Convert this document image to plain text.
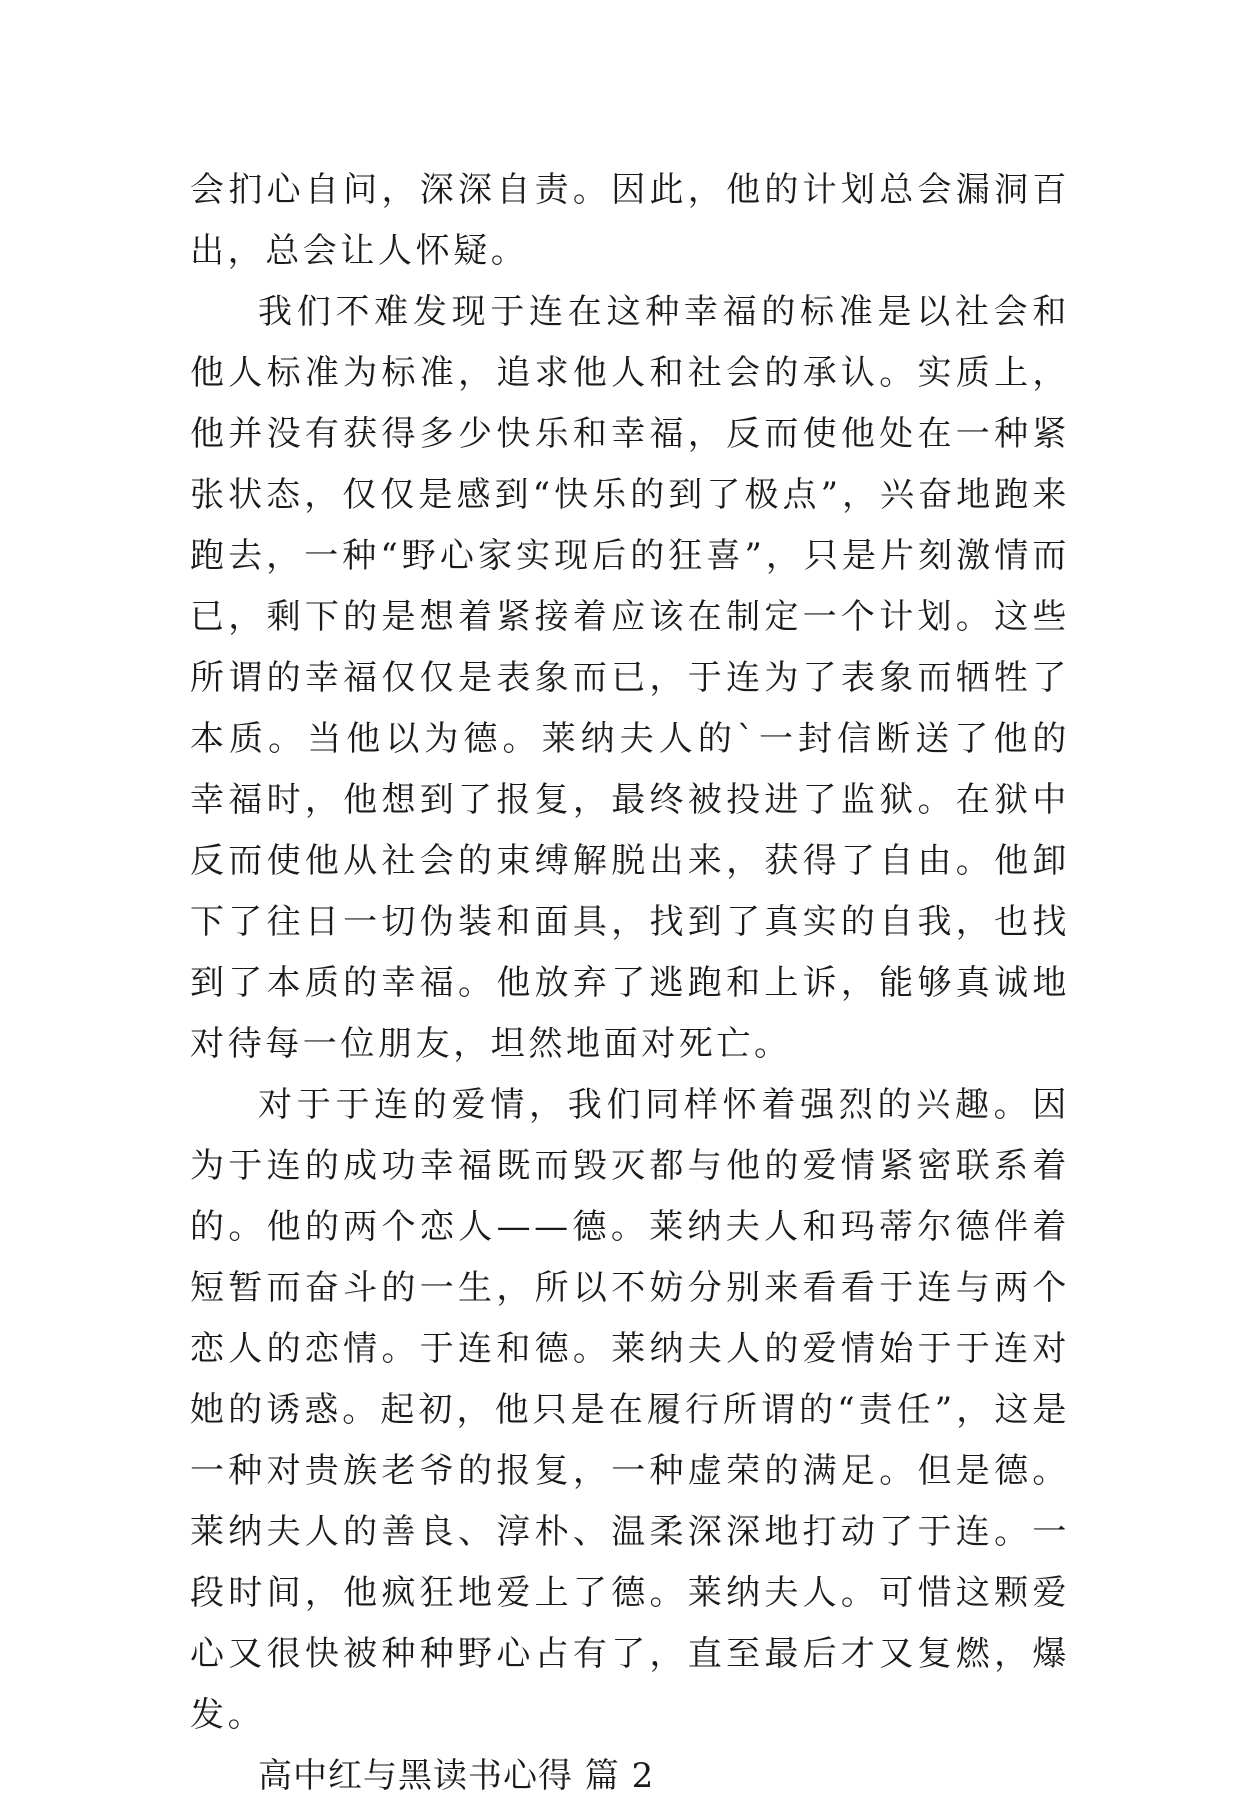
会扪心自问，深深自责。因此，他的计划总会漏洞百出，总会让人怀疑。

我们不难发现于连在这种幸福的标准是以社会和他人标准为标准，追求他人和社会的承认。实质上，他并没有获得多少快乐和幸福，反而使他处在一种紧张状态，仅仅是感到“快乐的到了极点”，兴奋地跑来跑去，一种“野心家实现后的狂喜”，只是片刻激情而已，剩下的是想着紧接着应该在制定一个计划。这些所谓的幸福仅仅是表象而已，于连为了表象而牺牲了本质。当他以为德。莱纳夫人的`一封信断送了他的幸福时，他想到了报复，最终被投进了监狱。在狱中反而使他从社会的束缚解脱出来，获得了自由。他卸下了往日一切伪装和面具，找到了真实的自我，也找到了本质的幸福。他放弃了逃跑和上诉，能够真诚地对待每一位朋友，坦然地面对死亡。

对于于连的爱情，我们同样怀着强烈的兴趣。因为于连的成功幸福既而毁灭都与他的爱情紧密联系着的。他的两个恋人——德。莱纳夫人和玛蒂尔德伴着短暂而奋斗的一生，所以不妨分别来看看于连与两个恋人的恋情。于连和德。莱纳夫人的爱情始于于连对她的诱惑。起初，他只是在履行所谓的“责任”，这是一种对贵族老爷的报复，一种虚荣的满足。但是德。莱纳夫人的善良、淳朴、温柔深深地打动了于连。一段时间，他疯狂地爱上了德。莱纳夫人。可惜这颗爱心又很快被种种野心占有了，直至最后才又复燃，爆发。

高中红与黑读书心得 篇 2
